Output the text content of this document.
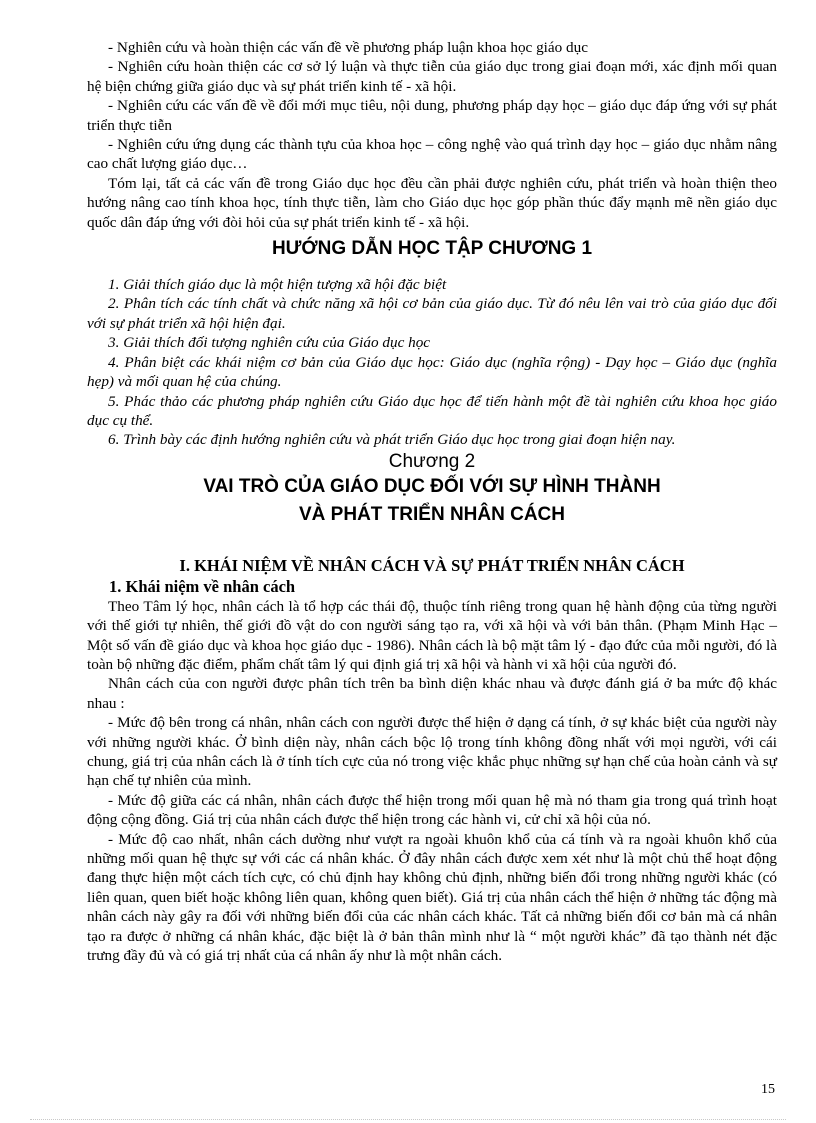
- Nghiên cứu và hoàn thiện các vấn đề về phương pháp luận khoa học giáo dục

- Nghiên cứu hoàn thiện các cơ sở lý luận và thực tiễn của giáo dục trong giai đoạn mới, xác định mối quan hệ biện chứng giữa giáo dục và sự phát triển kinh tế - xã hội.

- Nghiên cứu các vấn đề về đổi mới mục tiêu, nội dung, phương pháp dạy học – giáo dục đáp ứng với sự phát triển thực tiễn

- Nghiên cứu ứng dụng các thành tựu của khoa học – công nghệ vào quá trình dạy học – giáo dục nhằm nâng cao chất lượng giáo dục…

Tóm lại, tất cả các vấn đề trong Giáo dục học đều cần phải được nghiên cứu, phát triển và hoàn thiện theo hướng nâng cao tính khoa học, tính thực tiễn, làm cho Giáo dục học góp phần thúc đẩy mạnh mẽ nền giáo dục quốc dân đáp ứng với đòi hỏi của sự phát triển kinh tế - xã hội.

HƯỚNG DẪN HỌC TẬP CHƯƠNG 1

1. Giải thích giáo dục là một hiện tượng xã hội đặc biệt

2. Phân tích các tính chất và chức năng xã hội cơ bản của giáo dục. Từ đó nêu lên vai trò của giáo dục đối với sự phát triển xã hội hiện đại.

3. Giải thích đối tượng nghiên cứu của Giáo dục học

4. Phân biệt các khái niệm cơ bản của Giáo dục học: Giáo dục (nghĩa rộng) - Dạy học – Giáo dục (nghĩa hẹp) và mối quan hệ của chúng.

5. Phác thảo các phương pháp nghiên cứu Giáo dục học để tiến hành một đề tài nghiên cứu khoa học giáo dục cụ thể.

6. Trình bày các định hướng nghiên cứu và phát triển Giáo dục học trong giai đoạn hiện nay.

Chương 2
VAI TRÒ CỦA GIÁO DỤC ĐỐI VỚI SỰ HÌNH THÀNH
VÀ PHÁT TRIỂN NHÂN CÁCH
I. KHÁI NIỆM VỀ NHÂN CÁCH VÀ SỰ PHÁT TRIỂN NHÂN CÁCH
1. Khái niệm về nhân cách

Theo Tâm lý học, nhân cách là tổ hợp các thái độ, thuộc tính riêng trong quan hệ hành động của từng người với thế giới tự nhiên, thế giới đồ vật do con người sáng tạo ra, với xã hội và với bản thân. (Phạm Minh Hạc – Một số vấn đề giáo dục và khoa học giáo dục - 1986). Nhân cách là bộ mặt tâm lý - đạo đức của mỗi người, đó là toàn bộ những đặc điểm, phẩm chất tâm lý qui định giá trị xã hội và hành vi xã hội của người đó.

Nhân cách của con người được phân tích trên ba bình diện khác nhau và được đánh giá ở ba mức độ khác nhau :

- Mức độ bên trong cá nhân, nhân cách con người được thể hiện ở dạng cá tính, ở sự khác biệt của người này với những người khác. Ở bình diện này, nhân cách bộc lộ trong tính không đồng nhất với mọi người, với cái chung, giá trị của nhân cách là ở tính tích cực của nó trong việc khắc phục những sự hạn chế của hoàn cảnh và sự hạn chế tự nhiên của mình.

- Mức độ giữa các cá nhân, nhân cách được thể hiện trong mối quan hệ mà nó tham gia trong quá trình hoạt động cộng đồng. Giá trị của nhân cách được thể hiện trong các hành vi, cử chỉ xã hội của nó.

- Mức độ cao nhất, nhân cách dường như vượt ra ngoài khuôn khổ của cá tính và ra ngoài khuôn khổ của những mối quan hệ thực sự với các cá nhân khác. Ở đây nhân cách được xem xét như là một chủ thể hoạt động đang thực hiện một cách tích cực, có chủ định hay không chủ định, những biến đổi trong những người khác (có liên quan, quen biết hoặc không liên quan, không quen biết). Giá trị của nhân cách thể hiện ở những tác động mà nhân cách này gây ra đối với những biến đổi của các nhân cách khác. Tất cả những biến đổi cơ bản mà cá nhân tạo ra được ở những cá nhân khác, đặc biệt là ở bản thân mình như là “ một người khác” đã tạo thành nét đặc trưng đầy đủ và có giá trị nhất của cá nhân ấy như là một nhân cách.

15
